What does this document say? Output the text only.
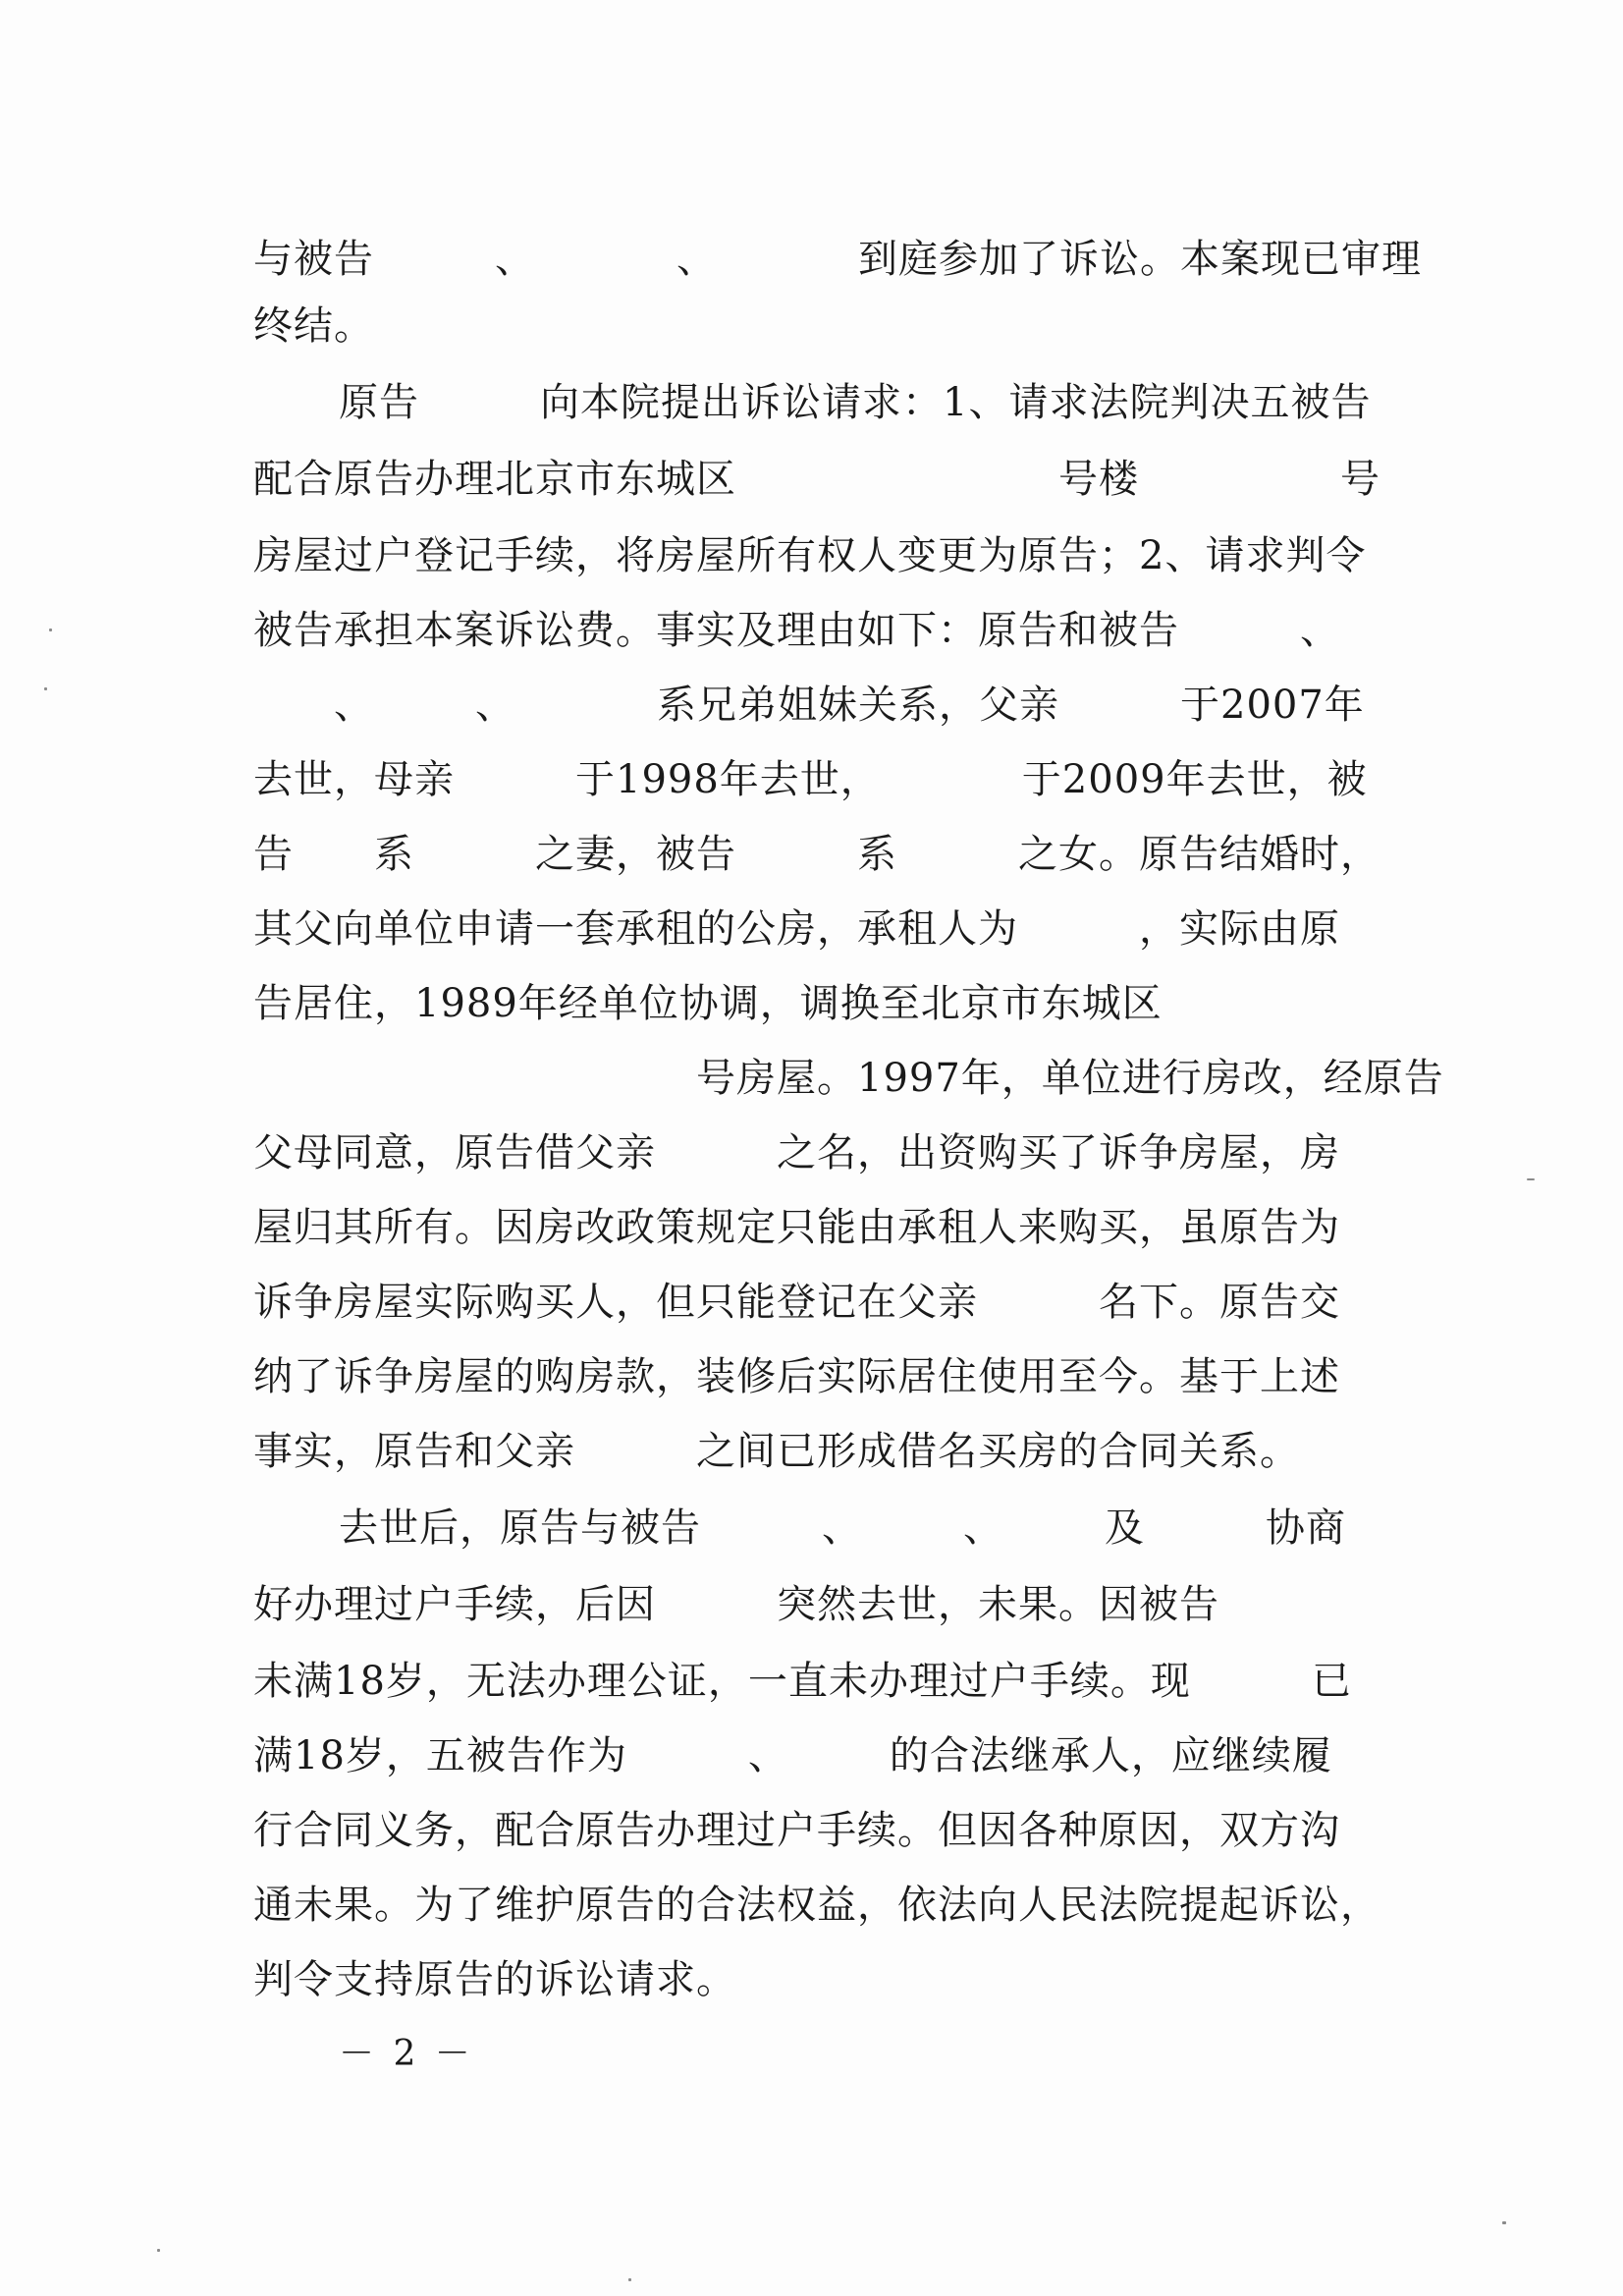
与被告　　　、　　　　、　　　　到庭参加了诉讼。本案现已审理
终结。
原告　　　向本院提出诉讼请求：1、请求法院判决五被告
配合原告办理北京市东城区　　　　　　　　号楼　　　　　号
房屋过户登记手续，将房屋所有权人变更为原告；2、请求判令
被告承担本案诉讼费。事实及理由如下：原告和被告　　　、
　　、　　　、　　　　系兄弟姐妹关系，父亲　　　于2007年
去世，母亲　　　于1998年去世，　　　　于2009年去世，被
告　　系　　　之妻，被告　　　系　　　之女。原告结婚时，
其父向单位申请一套承租的公房，承租人为　　　，实际由原
告居住，1989年经单位协调，调换至北京市东城区
　　　　　　　　　　　号房屋。1997年，单位进行房改，经原告
父母同意，原告借父亲　　　之名，出资购买了诉争房屋，房
屋归其所有。因房改政策规定只能由承租人来购买，虽原告为
诉争房屋实际购买人，但只能登记在父亲　　　名下。原告交
纳了诉争房屋的购房款，装修后实际居住使用至今。基于上述
事实，原告和父亲　　　之间已形成借名买房的合同关系。
去世后，原告与被告　　　、　　　、　　　及　　　协商
好办理过户手续，后因　　　突然去世，未果。因被告
未满18岁，无法办理公证，一直未办理过户手续。现　　　已
满18岁，五被告作为　　　、　　　的合法继承人，应继续履
行合同义务，配合原告办理过户手续。但因各种原因，双方沟
通未果。为了维护原告的合法权益，依法向人民法院提起诉讼，
判令支持原告的诉讼请求。
－ 2 －
